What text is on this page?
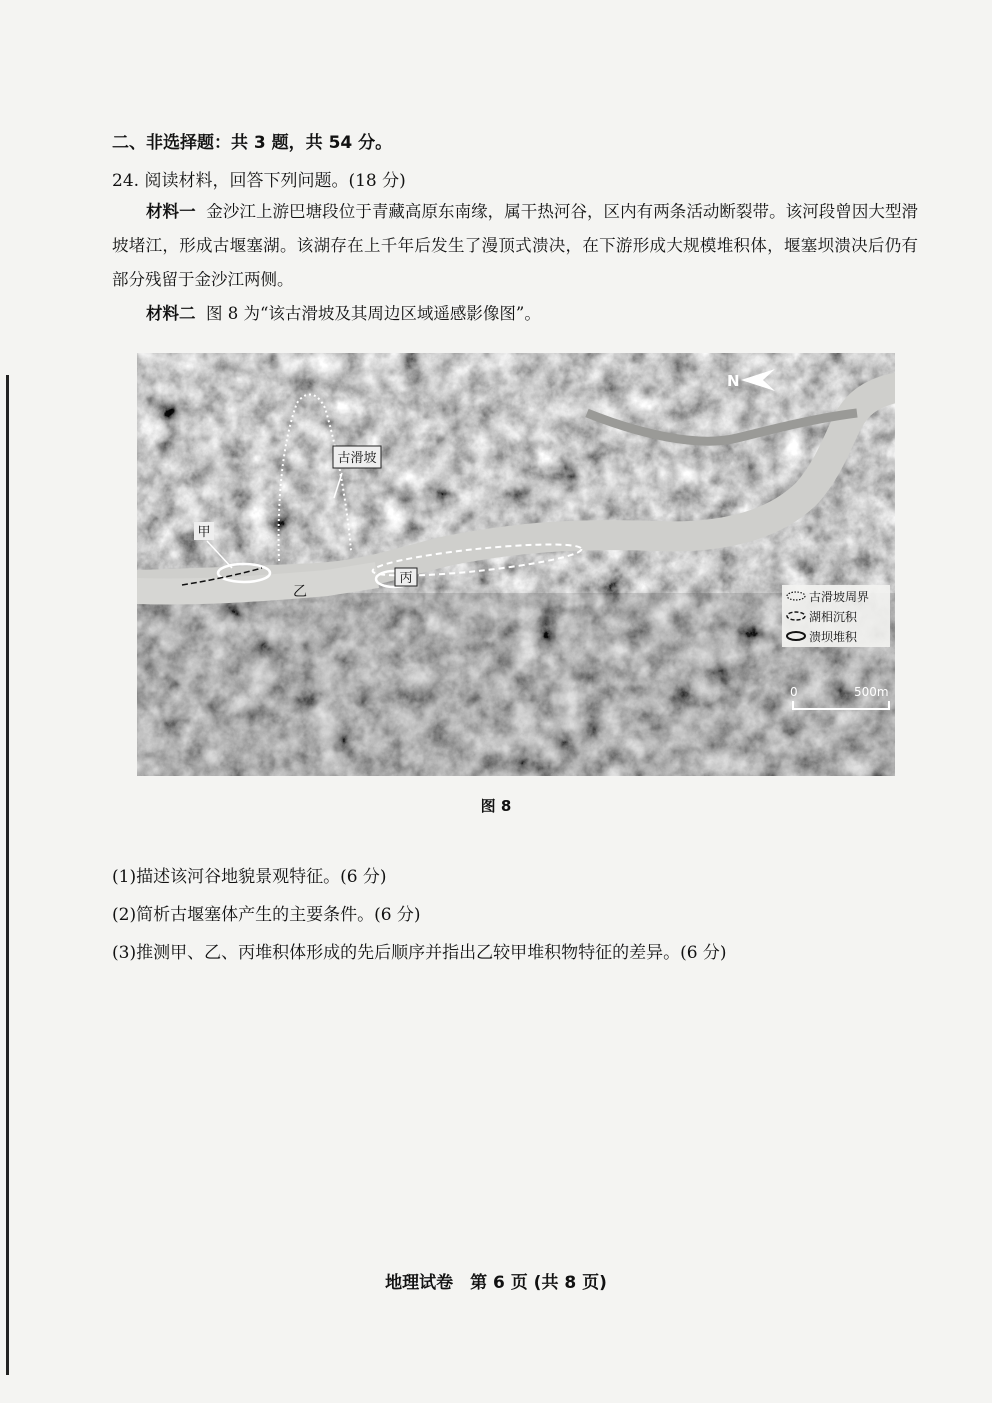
二、非选择题：共 3 题，共 54 分。
24. 阅读材料，回答下列问题。(18 分)
材料一 金沙江上游巴塘段位于青藏高原东南缘，属干热河谷，区内有两条活动断裂带。该河段曾因大型滑坡堵江，形成古堰塞湖。该湖存在上千年后发生了漫顶式溃决，在下游形成大规模堆积体，堰塞坝溃决后仍有部分残留于金沙江两侧。
材料二 图 8 为“该古滑坡及其周边区域遥感影像图”。
古滑坡
甲
乙
丙
N
古滑坡周界
湖相沉积
溃坝堆积
0	500m
图 8
(1)描述该河谷地貌景观特征。(6 分)
(2)简析古堰塞体产生的主要条件。(6 分)
(3)推测甲、乙、丙堆积体形成的先后顺序并指出乙较甲堆积物特征的差异。(6 分)
地理试卷　第 6 页 (共 8 页)
